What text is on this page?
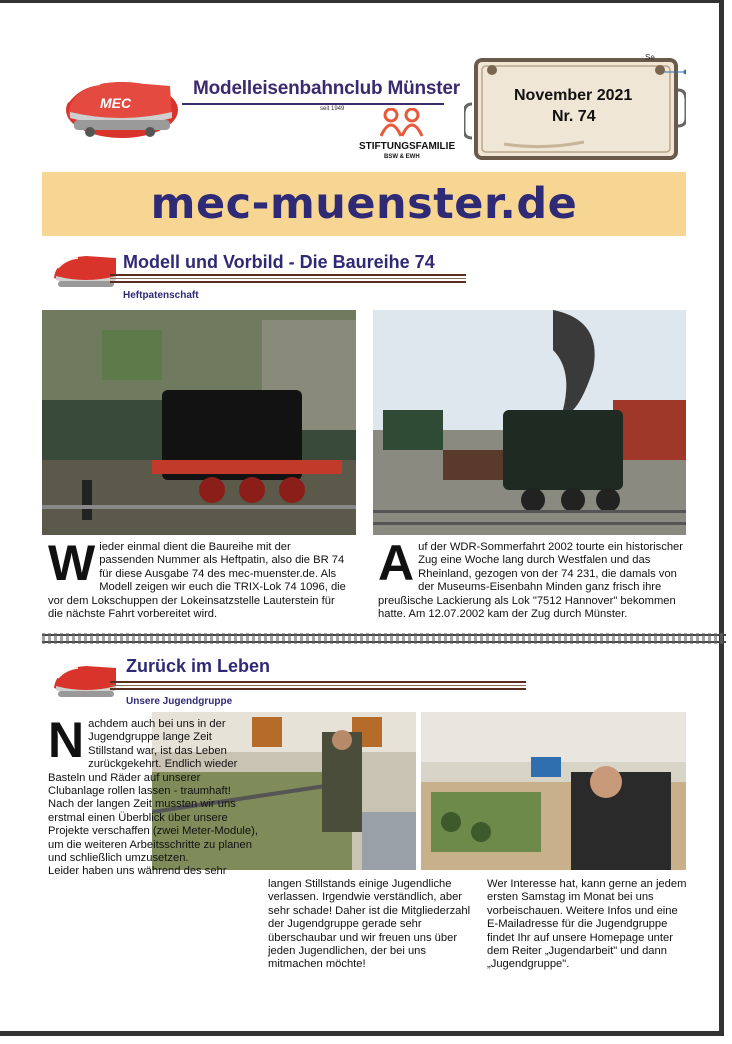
MEC
Modelleisenbahnclub Münster
seit 1949
STIFTUNGSFAMILIE
BSW & EWH
Se
November 2021
Nr. 74
mec-muenster.de
Modell und Vorbild - Die Baureihe 74
Heftpatenschaft
Wieder einmal dient die Baureihe mit der passenden Nummer als Heftpatin, also die BR 74 für diese Ausgabe 74 des mec-muenster.de. Als Modell zeigen wir euch die TRIX-Lok 74 1096, die vor dem Lokschuppen der Lokeinsatzstelle Lauterstein für die nächste Fahrt vorbereitet wird.
Auf der WDR-Sommerfahrt 2002 tourte ein historischer Zug eine Woche lang durch Westfalen und das Rheinland, gezogen von der 74 231, die damals von der Museums-Eisenbahn Minden ganz frisch ihre preußische Lackierung als Lok "7512 Hannover" bekommen hatte. Am 12.07.2002 kam der Zug durch Münster.
Zurück im Leben
Unsere Jugendgruppe
Nachdem auch bei uns in der Jugendgruppe lange Zeit Stillstand war, ist das Leben zurückgekehrt. Endlich wieder Basteln und Räder auf unserer Clubanlage rollen lassen - traumhaft! Nach der langen Zeit mussten wir uns erstmal einen Überblick über unsere Projekte verschaffen (zwei Meter-Module), um die weiteren Arbeitsschritte zu planen und schließlich umzusetzen.

Leider haben uns während des sehr

langen Stillstands einige Jugendliche verlassen. Irgendwie verständlich, aber sehr schade! Daher ist die Mitgliederzahl der Jugendgruppe gerade sehr überschaubar und wir freuen uns über jeden Jugendlichen, der bei uns mitmachen möchte!
Wer Interesse hat, kann gerne an jedem ersten Samstag im Monat bei uns vorbeischauen. Weitere Infos und eine E-Mailadresse für die Jugendgruppe findet Ihr auf unsere Homepage unter dem Reiter „Jugendarbeit" und dann „Jugendgruppe".
